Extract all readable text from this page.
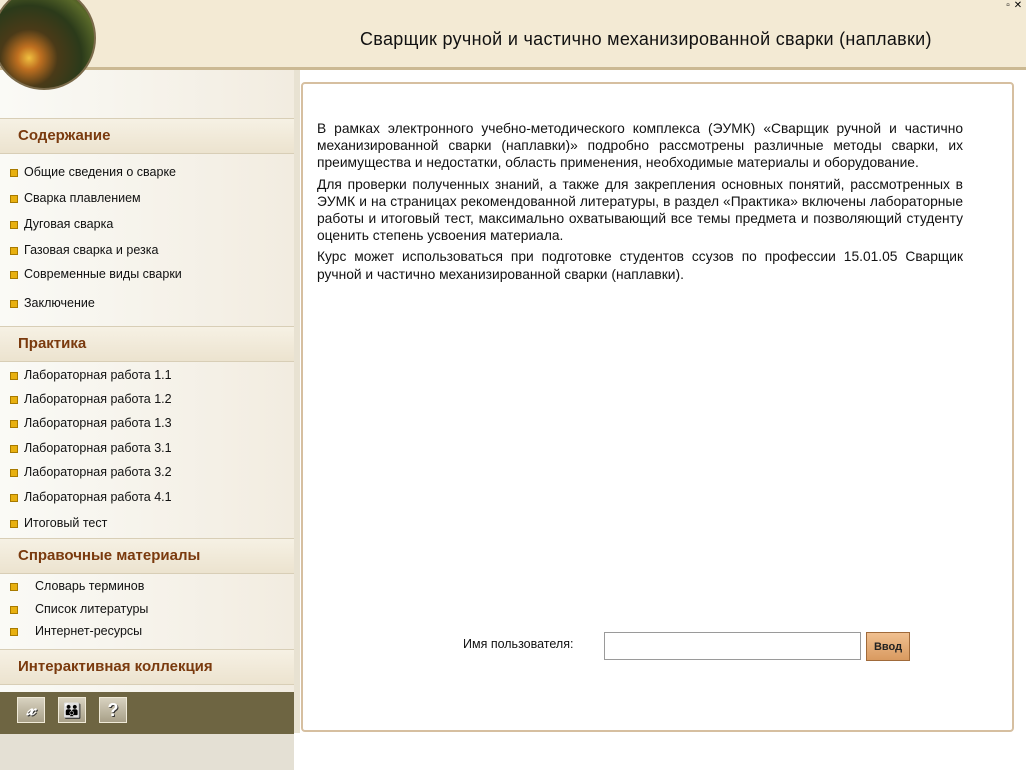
Сварщик ручной и частично механизированной сварки (наплавки)
▫ ✕
Содержание
Общие сведения о сварке
Сварка плавлением
Дуговая сварка
Газовая сварка и резка
Современные виды сварки
Заключение
Практика
Лабораторная работа 1.1
Лабораторная работа 1.2
Лабораторная работа 1.3
Лабораторная работа 3.1
Лабораторная работа 3.2
Лабораторная работа 4.1
Итоговый тест
Справочные материалы
Словарь терминов
Список литературы
Интернет-ресурсы
Интерактивная коллекция
𝓍	👪	?

В рамках электронного учебно-методического комплекса (ЭУМК) «Сварщик ручной и частично механизированной сварки (наплавки)» подробно рассмотрены различные методы сварки, их преимущества и недостатки, область применения, необходимые материалы и оборудование.

Для проверки полученных знаний, а также для закрепления основных понятий, рассмотренных в ЭУМК и на страницах рекомендованной литературы, в раздел «Практика» включены лабораторные работы и итоговый тест, максимально охватывающий все темы предмета и позволяющий студенту оценить степень усвоения материала.

Курс может использоваться при подготовке студентов ссузов по профессии 15.01.05 Сварщик ручной и частично механизированной сварки (наплавки).

Имя пользователя:	Ввод
